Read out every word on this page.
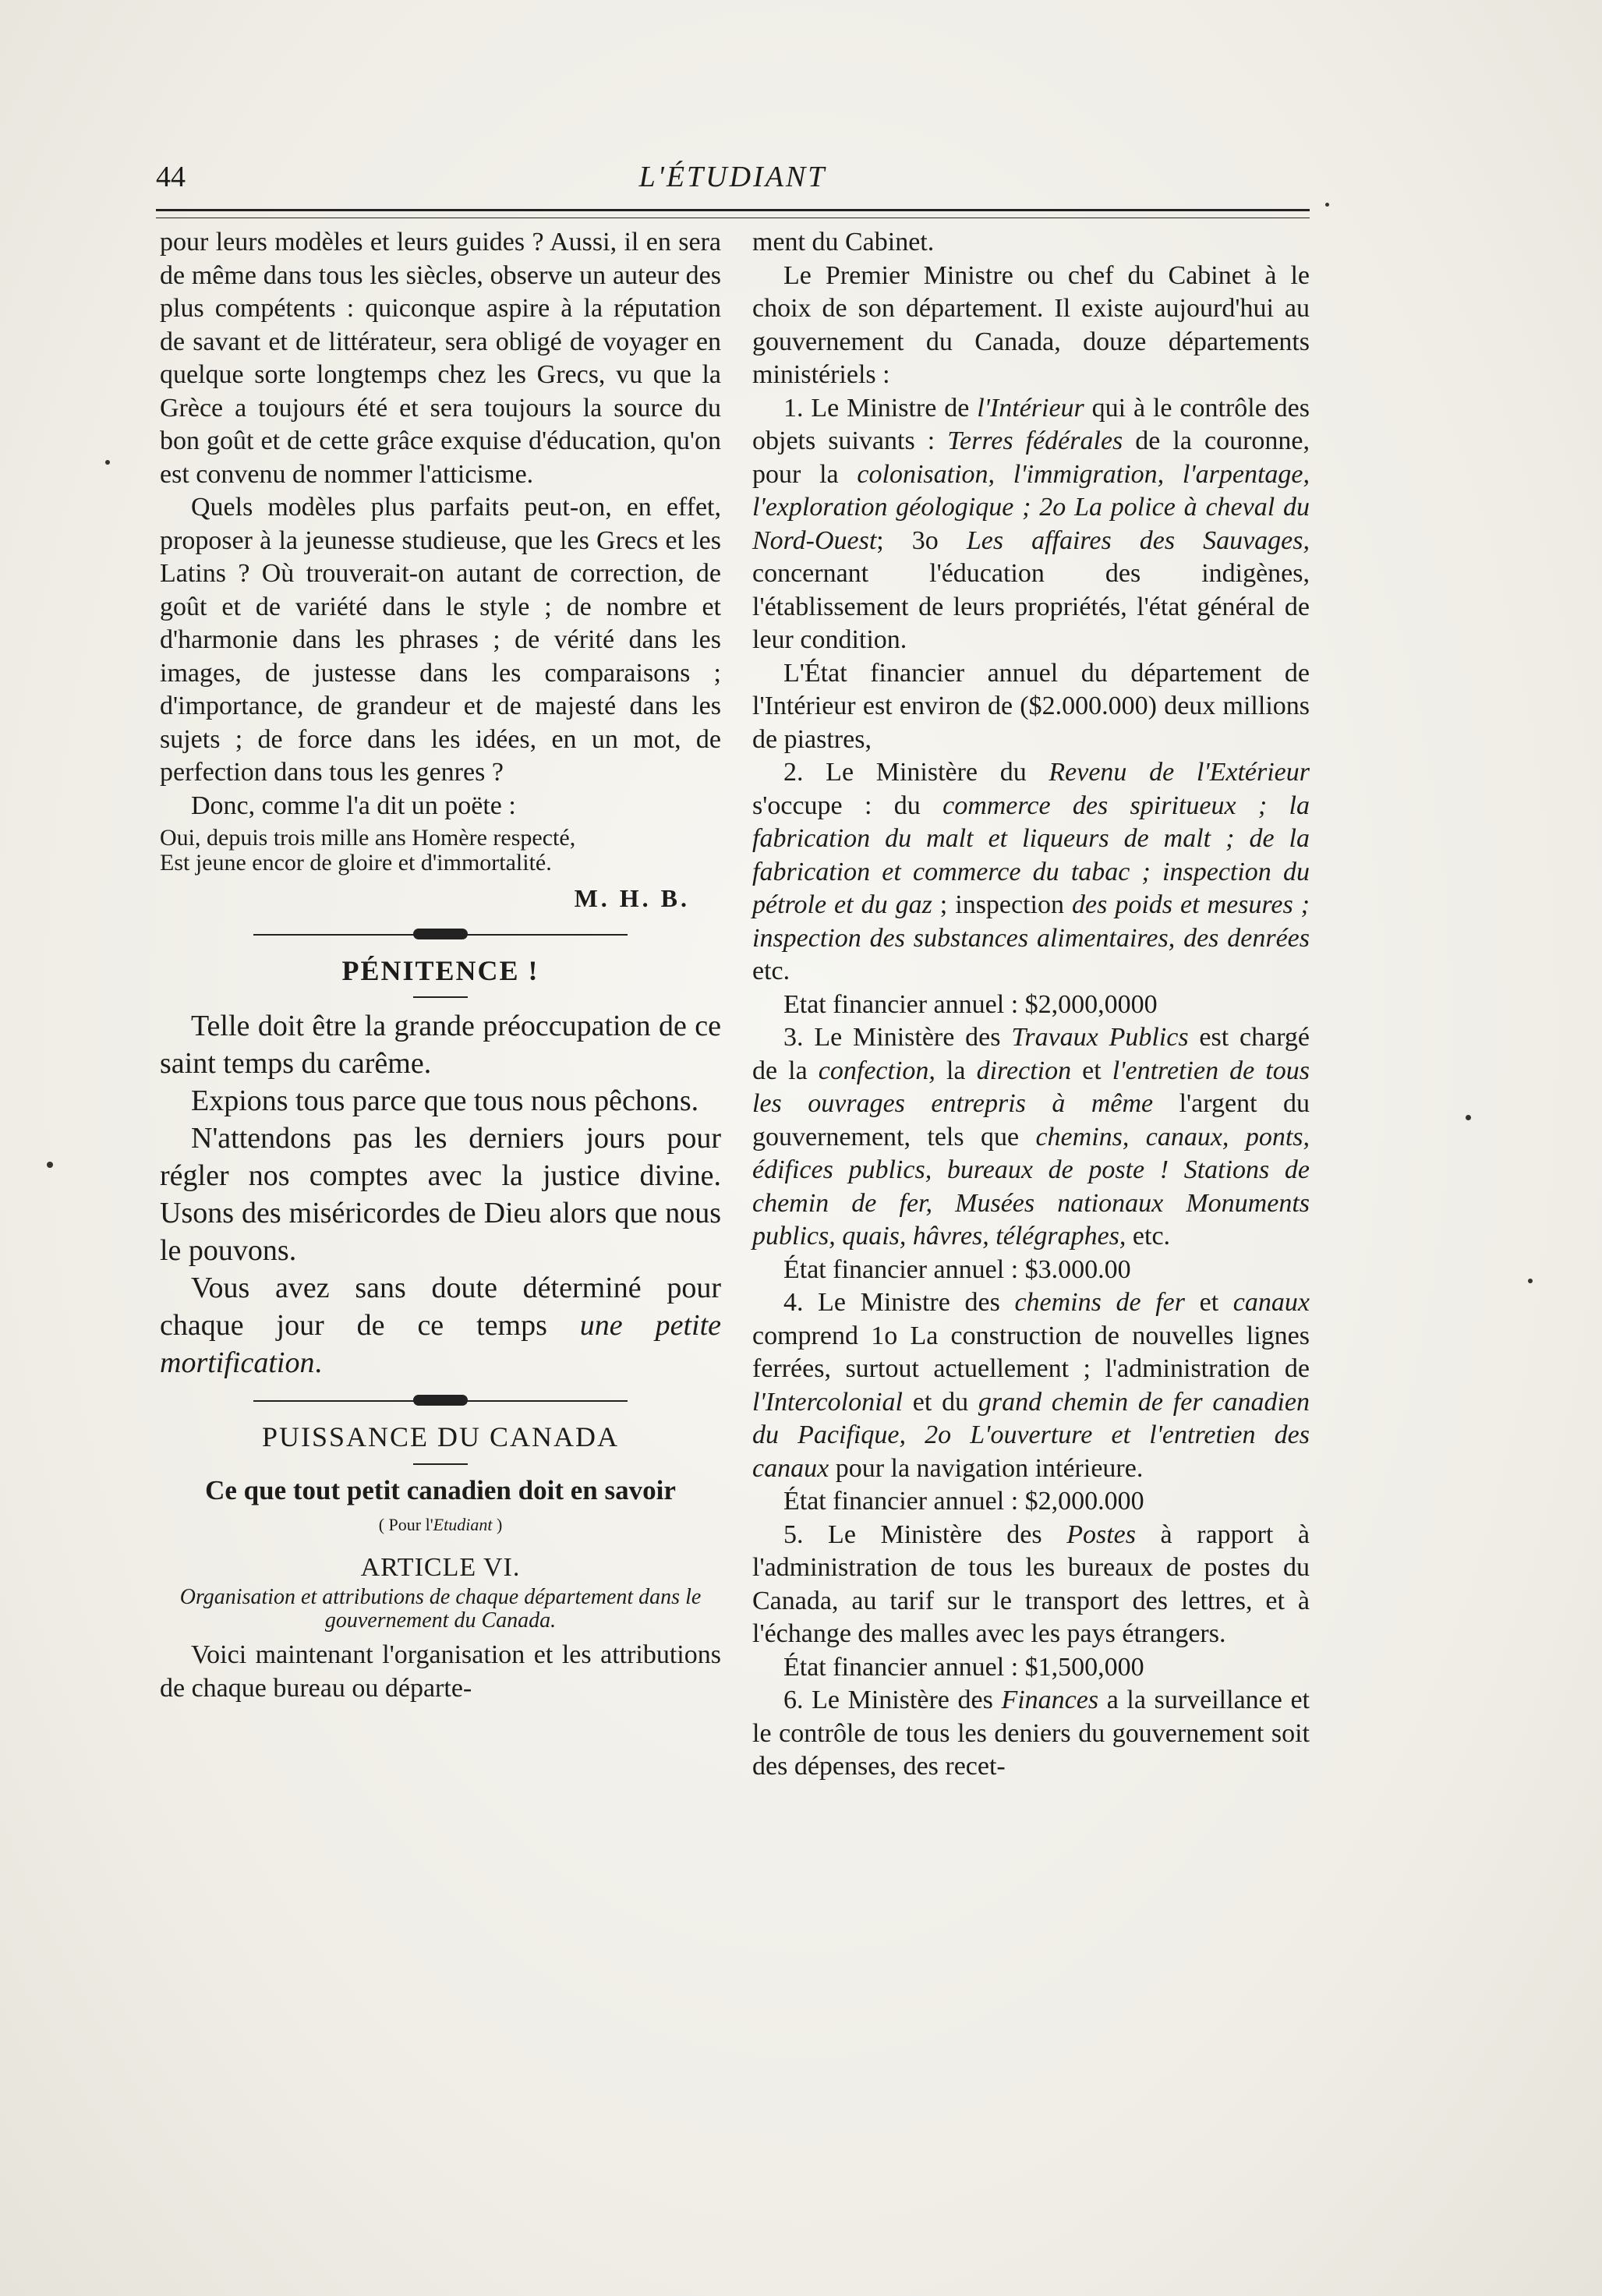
44	L'ÉTUDIANT

pour leurs modèles et leurs guides ? Aussi, il en sera de même dans tous les siècles, observe un auteur des plus compétents : quiconque aspire à la réputation de savant et de littérateur, sera obligé de voyager en quelque sorte longtemps chez les Grecs, vu que la Grèce a toujours été et sera toujours la source du bon goût et de cette grâce exquise d'éducation, qu'on est convenu de nommer l'atticisme.

Quels modèles plus parfaits peut-on, en effet, proposer à la jeunesse studieuse, que les Grecs et les Latins ? Où trouverait-on autant de correction, de goût et de variété dans le style ; de nombre et d'harmonie dans les phrases ; de vérité dans les images, de justesse dans les comparaisons ; d'importance, de grandeur et de majesté dans les sujets ; de force dans les idées, en un mot, de perfection dans tous les genres ?

Donc, comme l'a dit un poëte :

Oui, depuis trois mille ans Homère respecté,
Est jeune encor de gloire et d'immortalité.
M. H. B.
PÉNITENCE !

Telle doit être la grande préoccupation de ce saint temps du carême.

Expions tous parce que tous nous pêchons.

N'attendons pas les derniers jours pour régler nos comptes avec la justice divine. Usons des miséricordes de Dieu alors que nous le pouvons.

Vous avez sans doute déterminé pour chaque jour de ce temps une petite mortification.

PUISSANCE DU CANADA
Ce que tout petit canadien doit en savoir
( Pour l'Etudiant )
ARTICLE VI.
Organisation et attributions de chaque département dans le gouvernement du Canada.

Voici maintenant l'organisation et les attributions de chaque bureau ou départe-

ment du Cabinet.

Le Premier Ministre ou chef du Cabinet à le choix de son département. Il existe aujourd'hui au gouvernement du Canada, douze départements ministériels :

1. Le Ministre de l'Intérieur qui à le contrôle des objets suivants : Terres fédérales de la couronne, pour la colonisation, l'immigration, l'arpentage, l'exploration géologique ; 2o La police à cheval du Nord-Ouest; 3o Les affaires des Sauvages, concernant l'éducation des indigènes, l'établissement de leurs propriétés, l'état général de leur condition.

L'État financier annuel du département de l'Intérieur est environ de ($2.000.000) deux millions de piastres,

2. Le Ministère du Revenu de l'Extérieur s'occupe : du commerce des spiritueux ; la fabrication du malt et liqueurs de malt ; de la fabrication et commerce du tabac ; inspection du pétrole et du gaz ; inspection des poids et mesures ; inspection des substances alimentaires, des denrées etc.

Etat financier annuel : $2,000,0000

3. Le Ministère des Travaux Publics est chargé de la confection, la direction et l'entretien de tous les ouvrages entrepris à même l'argent du gouvernement, tels que chemins, canaux, ponts, édifices publics, bureaux de poste ! Stations de chemin de fer, Musées nationaux Monuments publics, quais, hâvres, télégraphes, etc.

État financier annuel : $3.000.00

4. Le Ministre des chemins de fer et canaux comprend 1o La construction de nouvelles lignes ferrées, surtout actuellement ; l'administration de l'Intercolonial et du grand chemin de fer canadien du Pacifique, 2o L'ouverture et l'entretien des canaux pour la navigation intérieure.

État financier annuel : $2,000.000

5. Le Ministère des Postes à rapport à l'administration de tous les bureaux de postes du Canada, au tarif sur le transport des lettres, et à l'échange des malles avec les pays étrangers.

État financier annuel : $1,500,000

6. Le Ministère des Finances a la surveillance et le contrôle de tous les deniers du gouvernement soit des dépenses, des recet-
